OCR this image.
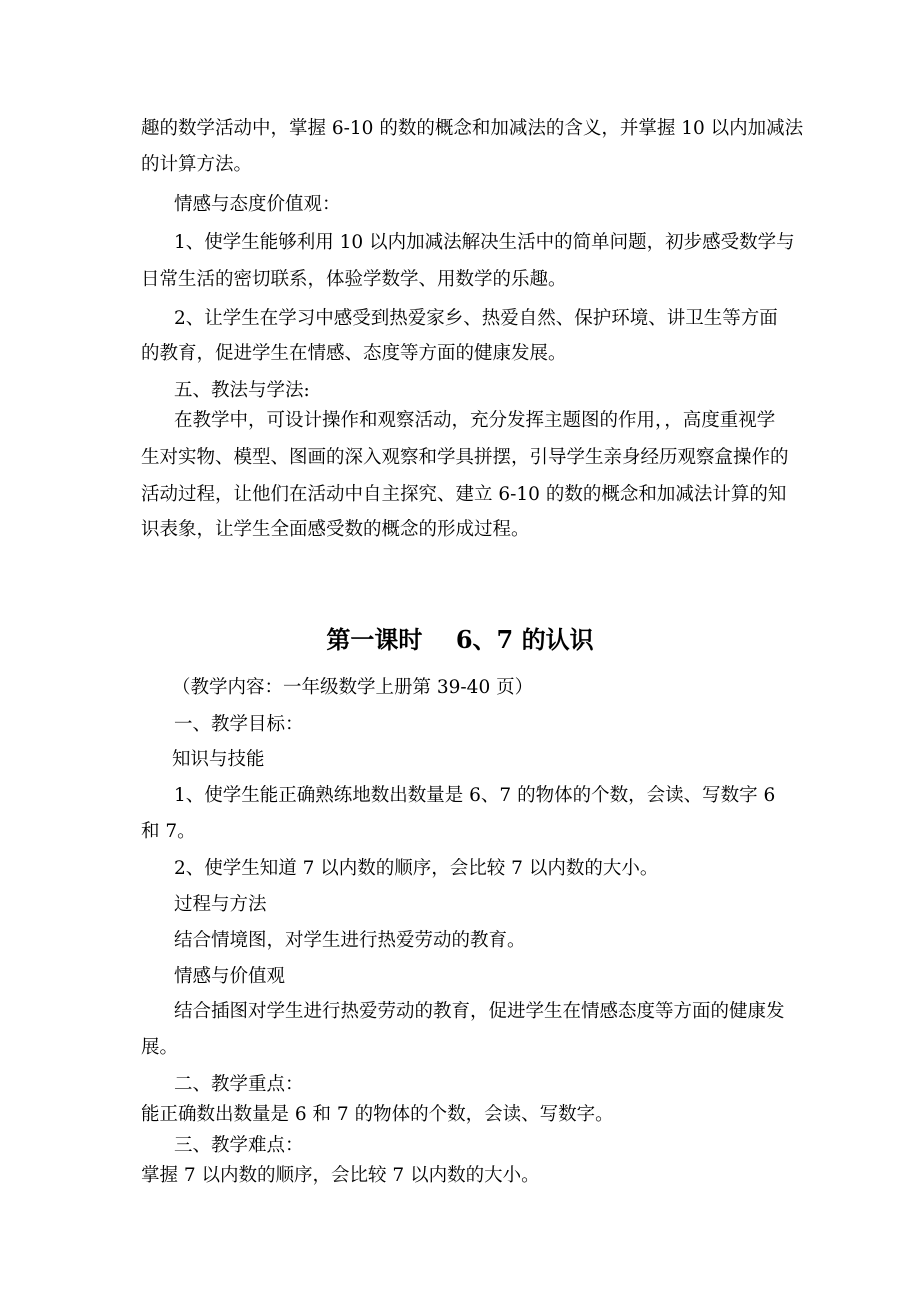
趣的数学活动中，掌握 6-10 的数的概念和加减法的含义，并掌握 10 以内加减法

的计算方法。

情感与态度价值观：

1、使学生能够利用 10 以内加减法解决生活中的简单问题，初步感受数学与

日常生活的密切联系，体验学数学、用数学的乐趣。

2、让学生在学习中感受到热爱家乡、热爱自然、保护环境、讲卫生等方面

的教育，促进学生在情感、态度等方面的健康发展。

五、教法与学法:

在教学中，可设计操作和观察活动，充分发挥主题图的作用，，高度重视学

生对实物、模型、图画的深入观察和学具拼摆，引导学生亲身经历观察盒操作的

活动过程，让他们在活动中自主探究、建立 6-10 的数的概念和加减法计算的知

识表象，让学生全面感受数的概念的形成过程。

第一课时    6、7 的认识

（教学内容：一年级数学上册第 39-40 页）

一、教学目标：

知识与技能

1、使学生能正确熟练地数出数量是 6、7 的物体的个数，会读、写数字 6

和 7。

2、使学生知道 7 以内数的顺序，会比较 7 以内数的大小。

过程与方法

结合情境图，对学生进行热爱劳动的教育。

情感与价值观

结合插图对学生进行热爱劳动的教育，促进学生在情感态度等方面的健康发

展。

二、教学重点：

能正确数出数量是 6 和 7 的物体的个数，会读、写数字。

三、教学难点：

掌握 7 以内数的顺序，会比较 7 以内数的大小。
